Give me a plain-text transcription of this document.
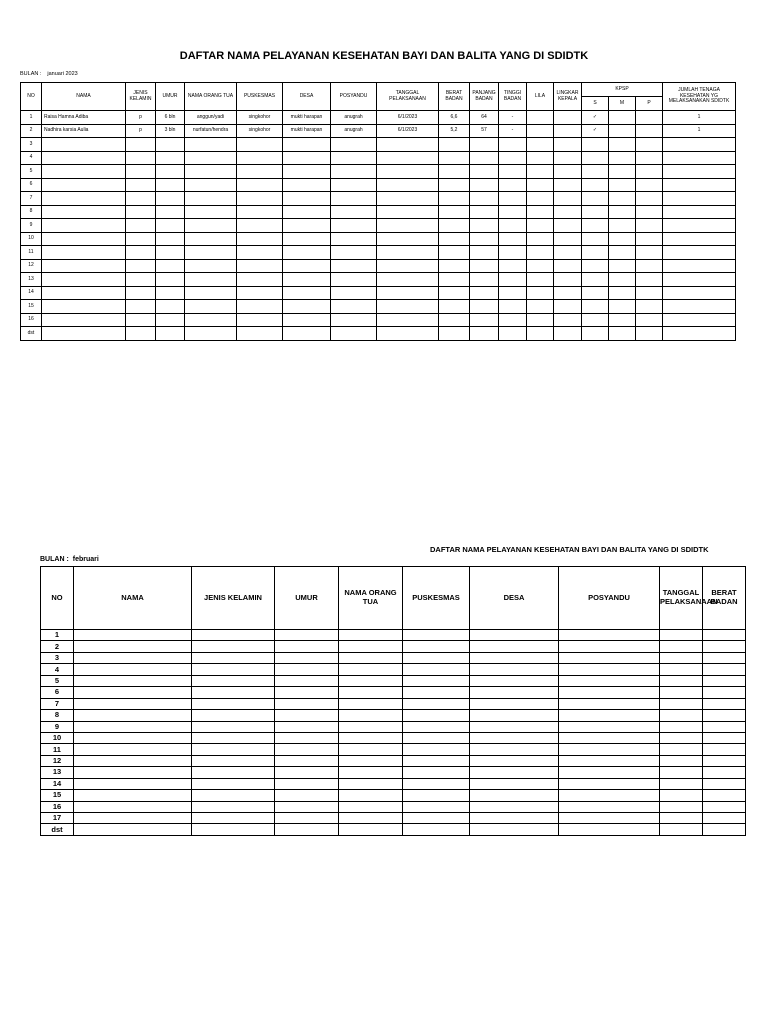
DAFTAR NAMA PELAYANAN KESEHATAN BAYI DAN BALITA YANG DI SDIDTK
BULAN : januari 2023
NO	NAMA	JENIS KELAMIN	UMUR	NAMA ORANG TUA	PUSKESMAS	DESA	POSYANDU	TANGGAL PELAKSANAAN	BERAT BADAN	PANJANG BADAN	TINGGI BADAN	LILA	LINGKAR KEPALA	KPSP			JUMLAH TENAGA KESEHATAN YG MELAKSANAKAN SDIDTK
														S	M	P	
1	Raisa Hamna Adiba	p	6 bln	anggun/yadi	singkohor	mukti harapan	anugrah	6/1/2023	6,6	64	-			✓			1
2	Nadhira karsia Aulia	p	3 bln	nurfatun/hendra	singkohor	mukti harapan	anugrah	6/1/2023	5,2	57	-			✓			1
3																	
4																	
5																	
6																	
7																	
8																	
9																	
10																	
11																	
12																	
13																	
14																	
15																	
16																	
dst																	
DAFTAR NAMA PELAYANAN KESEHATAN BAYI DAN BALITA YANG DI SDIDTK
BULAN : februari
NO	NAMA	JENIS KELAMIN	UMUR	NAMA ORANG TUA	PUSKESMAS	DESA	POSYANDU	TANGGAL PELAKSANAAN	BERAT BADAN
1									
2									
3									
4									
5									
6									
7									
8									
9									
10									
11									
12									
13									
14									
15									
16									
17									
dst									
